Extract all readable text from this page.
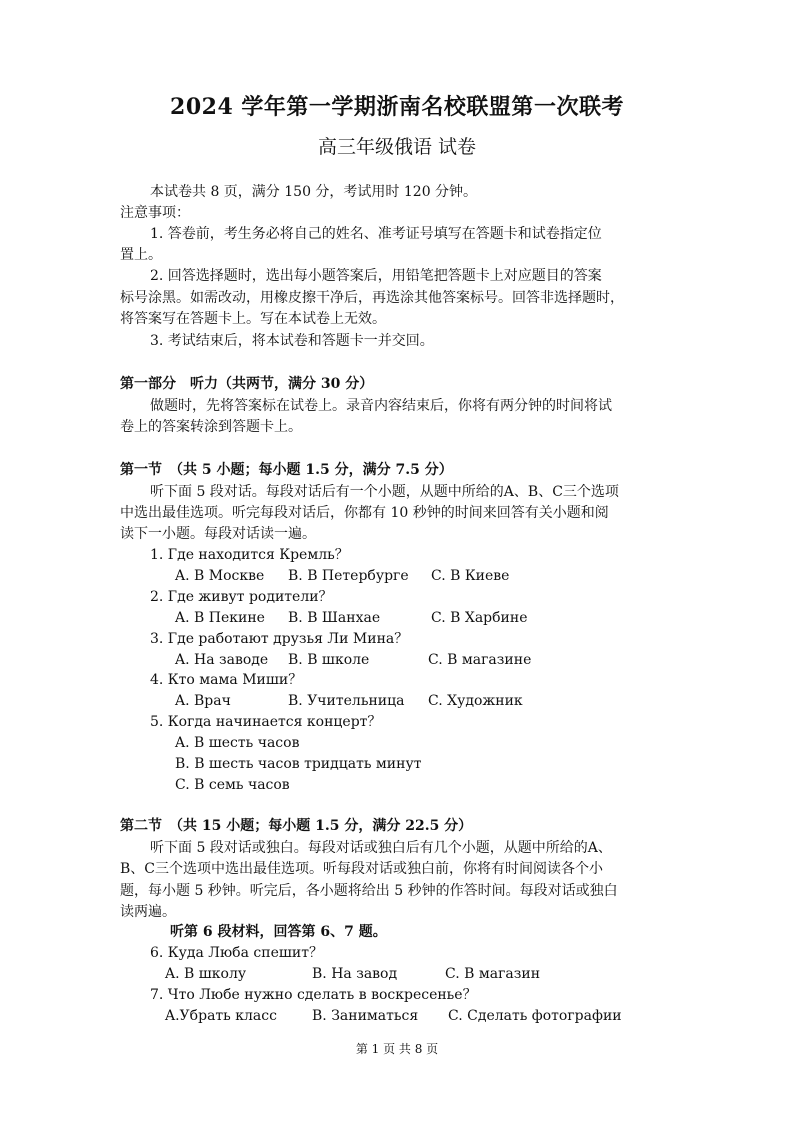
2024 学年第一学期浙南名校联盟第一次联考
高三年级俄语 试卷
本试卷共 8 页，满分 150 分，考试用时 120 分钟。
注意事项：
1. 答卷前，考生务必将自己的姓名、准考证号填写在答题卡和试卷指定位
置上。
2. 回答选择题时，选出每小题答案后，用铅笔把答题卡上对应题目的答案
标号涂黑。如需改动，用橡皮擦干净后，再选涂其他答案标号。回答非选择题时，
将答案写在答题卡上。写在本试卷上无效。
3. 考试结束后，将本试卷和答题卡一并交回。
第一部分　听力（共两节，满分 30 分）
做题时，先将答案标在试卷上。录音内容结束后，你将有两分钟的时间将试
卷上的答案转涂到答题卡上。
第一节　（共 5 小题；每小题 1.5 分，满分 7.5 分）
听下面 5 段对话。每段对话后有一个小题，从题中所给的A、B、C三个选项
中选出最佳选项。听完每段对话后，你都有 10 秒钟的时间来回答有关小题和阅
读下一小题。每段对话读一遍。
1. Где находится Кремль？
A. В Москве B. В Петербурге C. В Киеве
2. Где живут родители？
A. В Пекине B. В Шанхае	C. В Харбине
3. Где работают друзья Ли Мина？
A. На заводе B. В школе	C. В магазине
4. Кто мама Миши？
A. Врач	B. Учительница C. Художник
5. Когда начинается концерт？
A. В шесть часов
B. В шесть часов тридцать минут
C. В семь часов
第二节　（共 15 小题；每小题 1.5 分，满分 22.5 分）
听下面 5 段对话或独白。每段对话或独白后有几个小题，从题中所给的A、
B、C三个选项中选出最佳选项。听每段对话或独白前，你将有时间阅读各个小
题，每小题 5 秒钟。听完后，各小题将给出 5 秒钟的作答时间。每段对话或独白
读两遍。
听第 6 段材料，回答第 6、7 题。
6. Куда Люба спешит？
A. В школу	B. На завод	C. В магазин
7. Что Любе нужно сделать в воскресенье？
A.Убрать класс	B. Заниматься C. Сделать фотографии
第 1 页 共 8 页
